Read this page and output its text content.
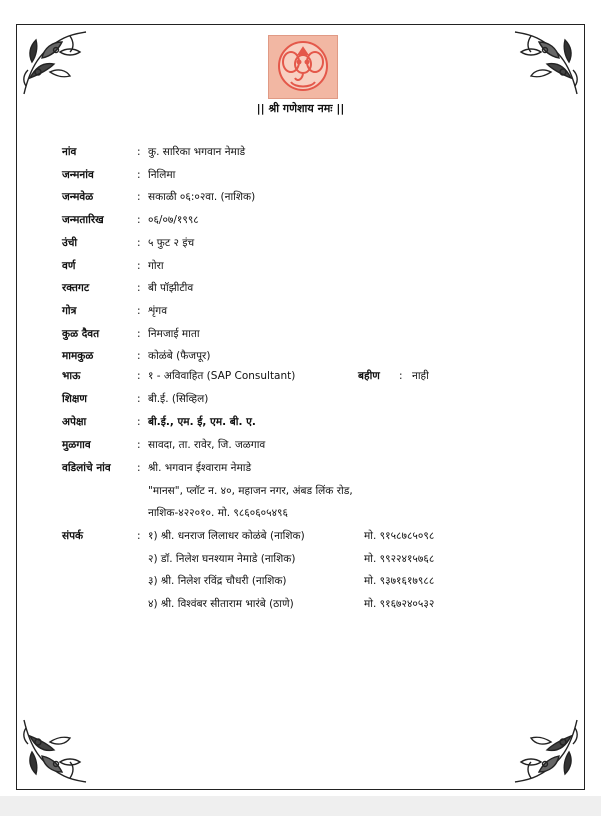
|| श्री गणेशाय नमः ||
नांव	: कु. सारिका भगवान नेमाडे
जन्मनांव	: निलिमा
जन्मवेळ	: सकाळी ०६:०२वा. (नाशिक)
जन्मतारिख	: ०६/०७/१९९८
उंची	: ५ फुट २ इंच
वर्ण	: गोरा
रक्तगट	: बी पॉझीटीव
गोत्र	: शृंगव
कुळ दैवत	: निमजाई माता
मामकुळ	: कोळंबे (फैजपूर)
भाऊ	: १ - अविवाहित (SAP Consultant)	बहीण : नाही
शिक्षण	: बी.ई. (सिव्हिल)
अपेक्षा	: बी.ई., एम. ई, एम. बी. ए.
मुळगाव	: सावदा, ता. रावेर, जि. जळगाव
वडिलांचे नांव	: श्री. भगवान ईश्वाराम नेमाडे
"मानस", प्लॉट न. ४०, महाजन नगर, अंबड लिंक रोड,
नाशिक-४२२०१०. मो. ९८६०६०५४९६
संपर्क	: १) श्री. धनराज लिलाधर कोळंबे (नाशिक)	मो. ९१५८७८५०९८
२) डॉ. निलेश घनश्याम नेमाडे (नाशिक)	मो. ९९२२४१५७६८
३) श्री. निलेश रविंद्र चौधरी (नाशिक)	मो. ९३७१६१७९८८
४) श्री. विश्वंबर सीताराम भारंबे (ठाणे)	मो. ९१६७२४०५३२
